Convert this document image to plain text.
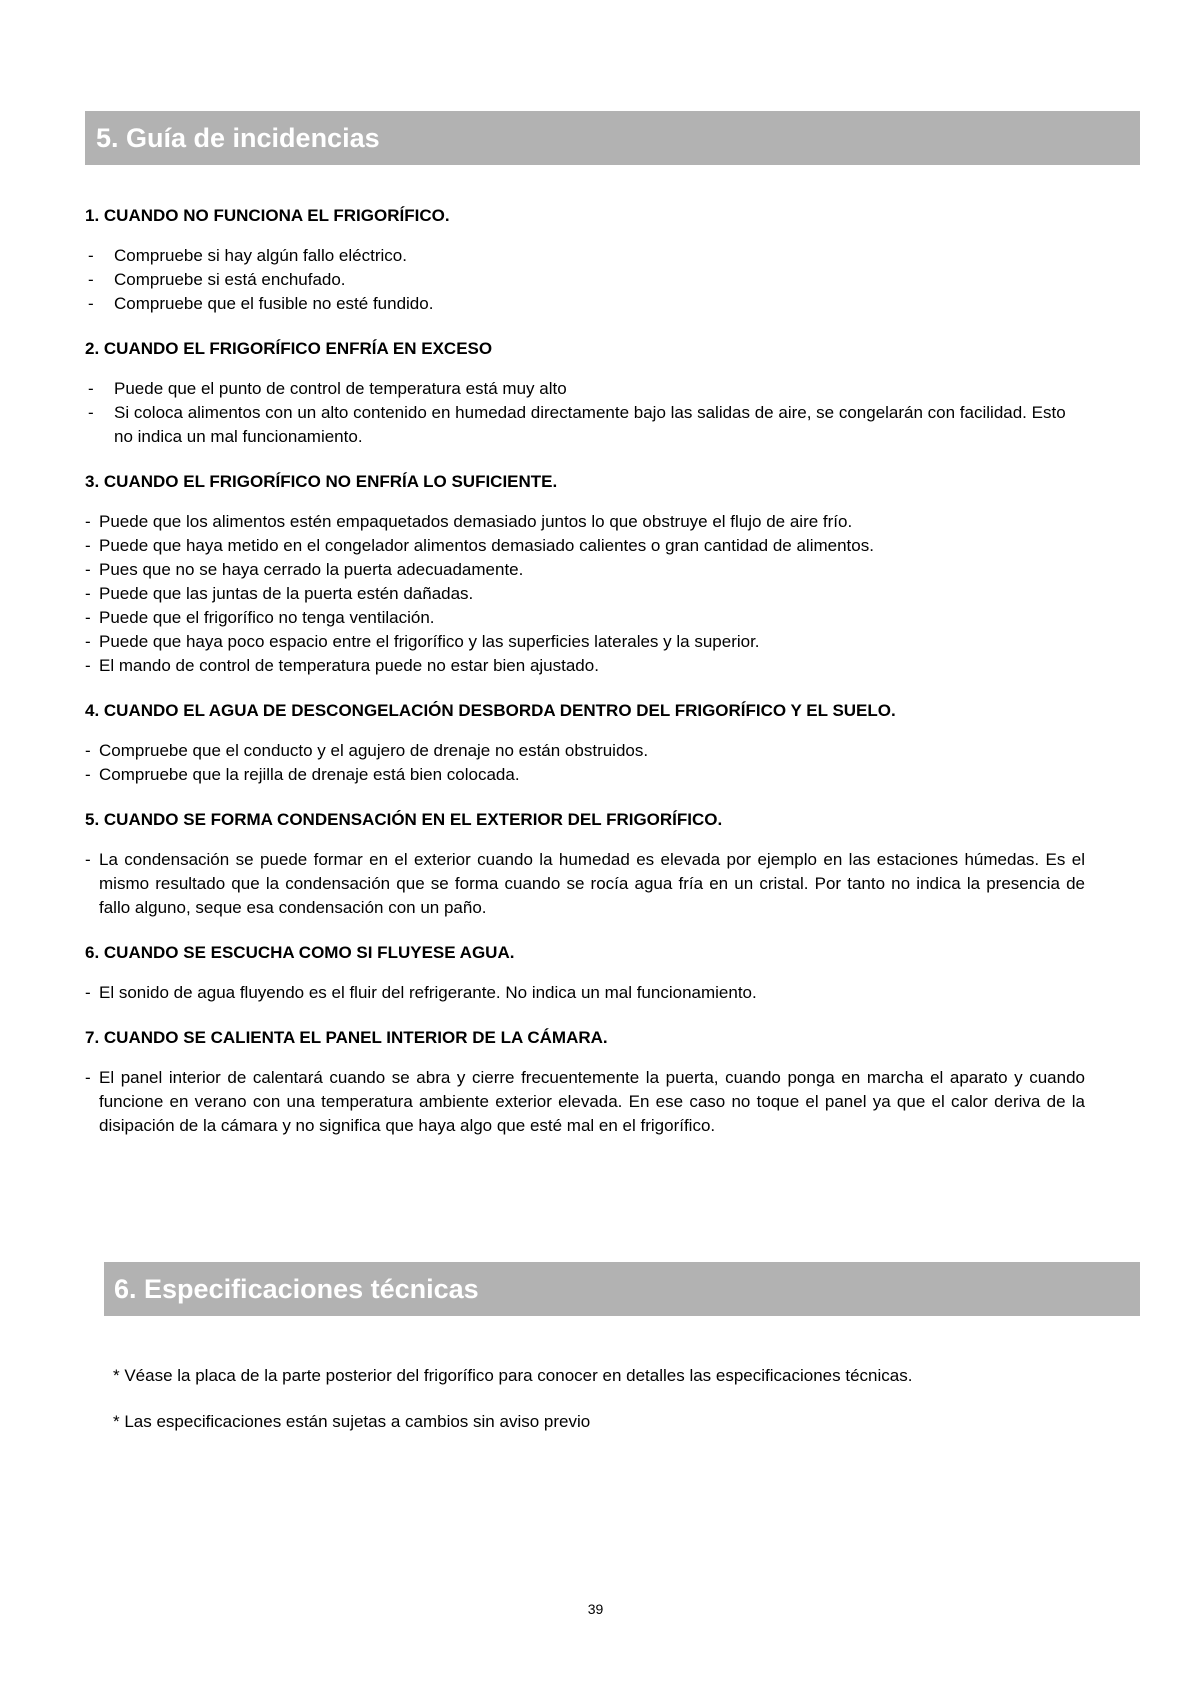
5. Guía de incidencias
1. CUANDO NO FUNCIONA EL FRIGORÍFICO.
- Compruebe si hay algún fallo eléctrico.
- Compruebe si está enchufado.
- Compruebe que el fusible no esté fundido.
2. CUANDO EL FRIGORÍFICO ENFRÍA EN EXCESO
- Puede que el punto de control de temperatura está muy alto
- Si coloca alimentos con un alto contenido en humedad directamente bajo las salidas de aire, se congelarán con facilidad. Esto no indica un mal funcionamiento.
3. CUANDO EL FRIGORÍFICO NO ENFRÍA LO SUFICIENTE.
- Puede que los alimentos estén empaquetados demasiado juntos lo que obstruye el flujo de aire frío.
- Puede que haya metido en el congelador alimentos demasiado calientes o gran cantidad de alimentos.
- Pues que no se haya cerrado la puerta adecuadamente.
- Puede que las juntas de la puerta estén dañadas.
- Puede que el frigorífico no tenga ventilación.
- Puede que haya poco espacio entre el frigorífico y las superficies laterales y la superior.
- El mando de control de temperatura puede no estar bien ajustado.
4. CUANDO EL AGUA DE DESCONGELACIÓN DESBORDA DENTRO DEL FRIGORÍFICO Y EL SUELO.
- Compruebe que el conducto y el agujero de drenaje no están obstruidos.
- Compruebe que la rejilla de drenaje está bien colocada.
5. CUANDO SE FORMA CONDENSACIÓN EN EL EXTERIOR DEL FRIGORÍFICO.
- La condensación se puede formar en el exterior cuando la humedad es elevada por ejemplo en las estaciones húmedas. Es el mismo resultado que la condensación que se forma cuando se rocía agua fría en un cristal. Por tanto no indica la presencia de fallo alguno, seque esa condensación con un paño.
6. CUANDO SE ESCUCHA COMO SI FLUYESE AGUA.
- El sonido de agua fluyendo es el fluir del refrigerante. No indica un mal funcionamiento.
7. CUANDO SE CALIENTA EL PANEL INTERIOR DE LA CÁMARA.
- El panel interior de calentará cuando se abra y cierre frecuentemente la puerta, cuando ponga en marcha el aparato y cuando funcione en verano con una temperatura ambiente exterior elevada. En ese caso no toque el panel ya que el calor deriva de la disipación de la cámara y no significa que haya algo que esté mal en el frigorífico.
6. Especificaciones técnicas

* Véase la placa de la parte posterior del frigorífico para conocer en detalles las especificaciones técnicas.

* Las especificaciones están sujetas a cambios sin aviso previo

39
